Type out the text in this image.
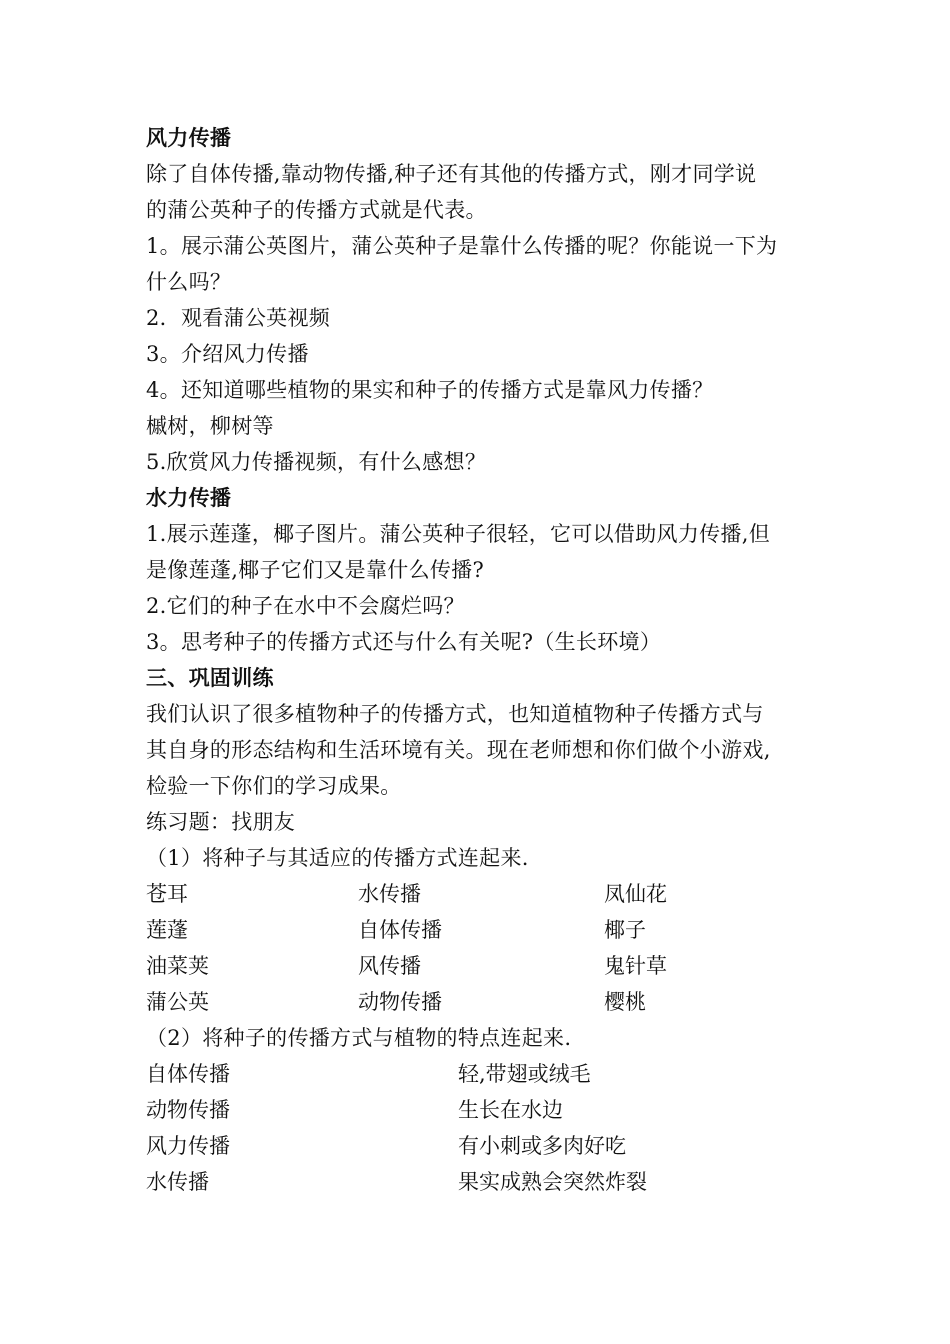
风力传播
除了自体传播,靠动物传播,种子还有其他的传播方式，刚才同学说
的蒲公英种子的传播方式就是代表。
1。展示蒲公英图片，蒲公英种子是靠什么传播的呢？你能说一下为
什么吗？
2．观看蒲公英视频
3。介绍风力传播
4。还知道哪些植物的果实和种子的传播方式是靠风力传播？
槭树，柳树等
5.欣赏风力传播视频，有什么感想？
水力传播
1.展示莲蓬，椰子图片。蒲公英种子很轻，它可以借助风力传播,但
是像莲蓬,椰子它们又是靠什么传播?
2.它们的种子在水中不会腐烂吗？
3。思考种子的传播方式还与什么有关呢?（生长环境）
三、巩固训练
我们认识了很多植物种子的传播方式，也知道植物种子传播方式与
其自身的形态结构和生活环境有关。现在老师想和你们做个小游戏,
检验一下你们的学习成果。
练习题：找朋友
（1）将种子与其适应的传播方式连起来.
苍耳	水传播	凤仙花
莲蓬	自体传播	椰子
油菜荚	风传播	鬼针草
蒲公英	动物传播	樱桃
（2）将种子的传播方式与植物的特点连起来.
自体传播	轻,带翅或绒毛
动物传播	生长在水边
风力传播	有小刺或多肉好吃
水传播	果实成熟会突然炸裂
